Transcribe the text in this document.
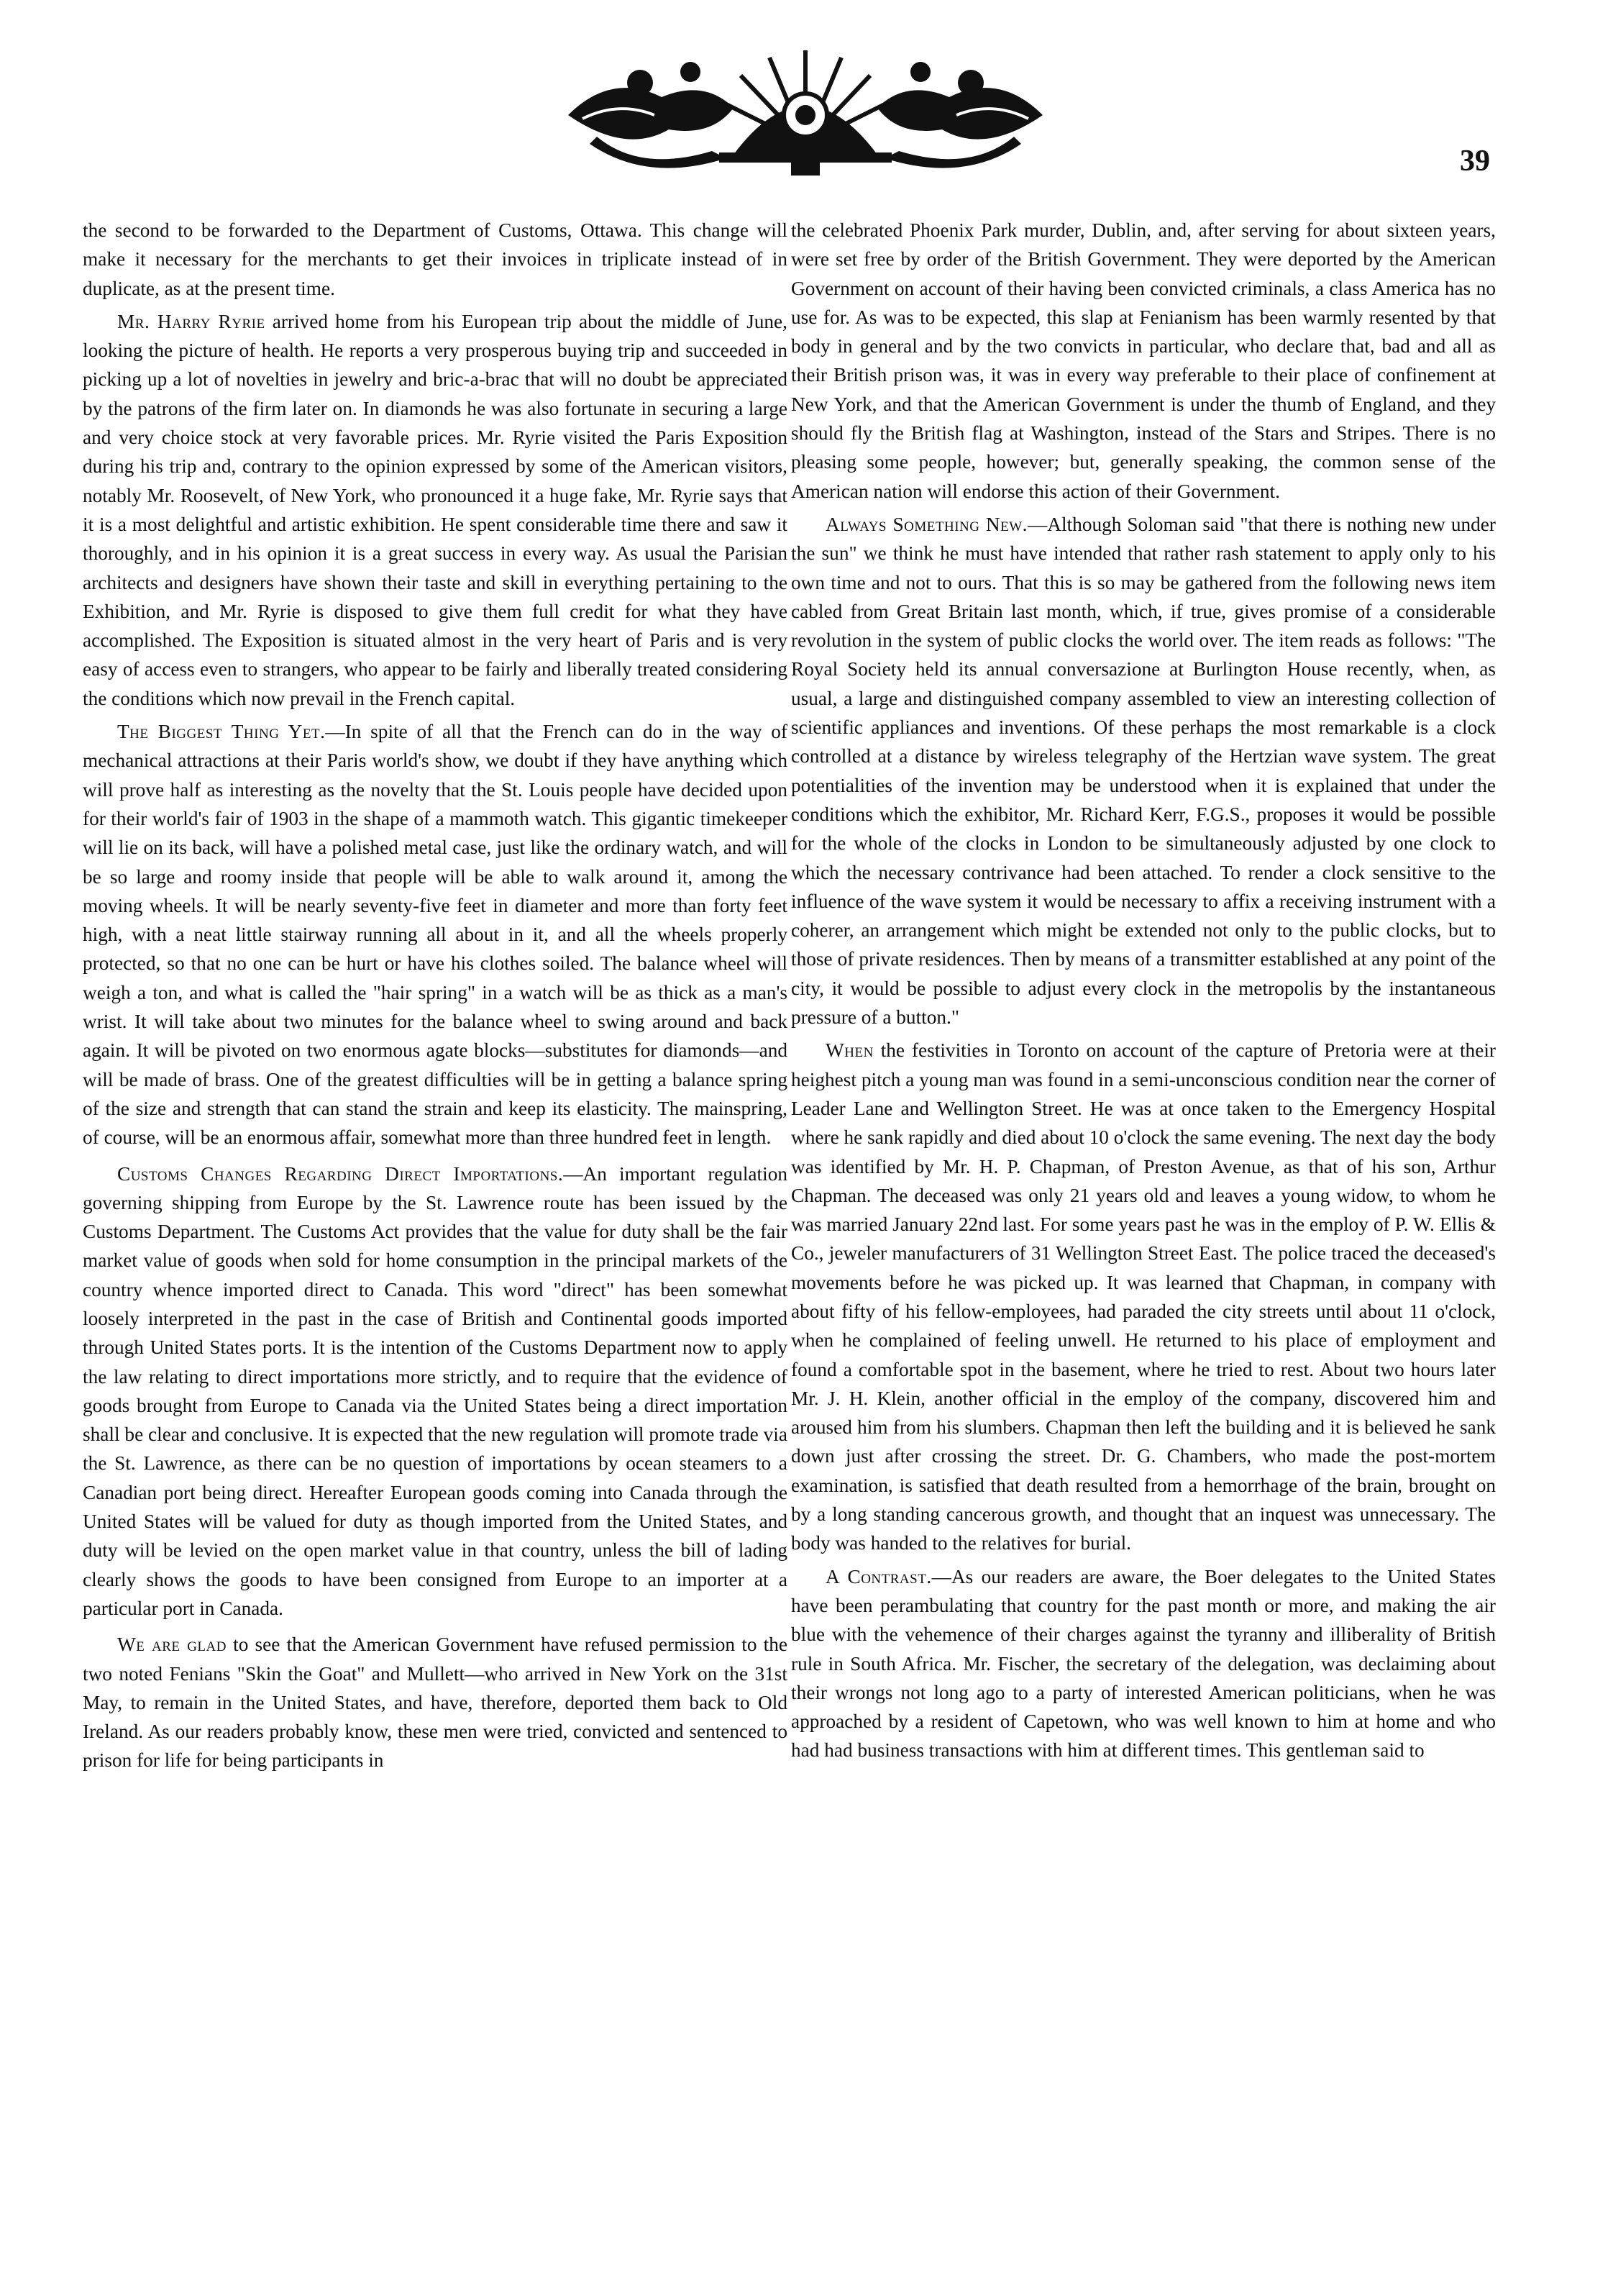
39

the second to be forwarded to the Department of Customs, Ottawa. This change will make it necessary for the merchants to get their invoices in triplicate instead of in duplicate, as at the present time.

Mr. Harry Ryrie arrived home from his European trip about the middle of June, looking the picture of health. He reports a very prosperous buying trip and succeeded in picking up a lot of novelties in jewelry and bric-a-brac that will no doubt be appreciated by the patrons of the firm later on. In diamonds he was also fortunate in securing a large and very choice stock at very favorable prices. Mr. Ryrie visited the Paris Exposition during his trip and, contrary to the opinion expressed by some of the American visitors, notably Mr. Roosevelt, of New York, who pronounced it a huge fake, Mr. Ryrie says that it is a most delightful and artistic exhibition. He spent considerable time there and saw it thoroughly, and in his opinion it is a great success in every way. As usual the Parisian architects and designers have shown their taste and skill in everything pertaining to the Exhibition, and Mr. Ryrie is disposed to give them full credit for what they have accomplished. The Exposition is situated almost in the very heart of Paris and is very easy of access even to strangers, who appear to be fairly and liberally treated considering the conditions which now prevail in the French capital.

The Biggest Thing Yet.—In spite of all that the French can do in the way of mechanical attractions at their Paris world's show, we doubt if they have anything which will prove half as interesting as the novelty that the St. Louis people have decided upon for their world's fair of 1903 in the shape of a mammoth watch. This gigantic timekeeper will lie on its back, will have a polished metal case, just like the ordinary watch, and will be so large and roomy inside that people will be able to walk around it, among the moving wheels. It will be nearly seventy-five feet in diameter and more than forty feet high, with a neat little stairway running all about in it, and all the wheels properly protected, so that no one can be hurt or have his clothes soiled. The balance wheel will weigh a ton, and what is called the "hair spring" in a watch will be as thick as a man's wrist. It will take about two minutes for the balance wheel to swing around and back again. It will be pivoted on two enormous agate blocks—substitutes for diamonds—and will be made of brass. One of the greatest difficulties will be in getting a balance spring of the size and strength that can stand the strain and keep its elasticity. The mainspring, of course, will be an enormous affair, somewhat more than three hundred feet in length.

Customs Changes Regarding Direct Importations.—An important regulation governing shipping from Europe by the St. Lawrence route has been issued by the Customs Department. The Customs Act provides that the value for duty shall be the fair market value of goods when sold for home consumption in the principal markets of the country whence imported direct to Canada. This word "direct" has been somewhat loosely interpreted in the past in the case of British and Continental goods imported through United States ports. It is the intention of the Customs Department now to apply the law relating to direct importations more strictly, and to require that the evidence of goods brought from Europe to Canada via the United States being a direct importation shall be clear and conclusive. It is expected that the new regulation will promote trade via the St. Lawrence, as there can be no question of importations by ocean steamers to a Canadian port being direct. Hereafter European goods coming into Canada through the United States will be valued for duty as though imported from the United States, and duty will be levied on the open market value in that country, unless the bill of lading clearly shows the goods to have been consigned from Europe to an importer at a particular port in Canada.

We are glad to see that the American Government have refused permission to the two noted Fenians "Skin the Goat" and Mullett—who arrived in New York on the 31st May, to remain in the United States, and have, therefore, deported them back to Old Ireland. As our readers probably know, these men were tried, convicted and sentenced to prison for life for being participants in

the celebrated Phoenix Park murder, Dublin, and, after serving for about sixteen years, were set free by order of the British Government. They were deported by the American Government on account of their having been convicted criminals, a class America has no use for. As was to be expected, this slap at Fenianism has been warmly resented by that body in general and by the two convicts in particular, who declare that, bad and all as their British prison was, it was in every way preferable to their place of confinement at New York, and that the American Government is under the thumb of England, and they should fly the British flag at Washington, instead of the Stars and Stripes. There is no pleasing some people, however; but, generally speaking, the common sense of the American nation will endorse this action of their Government.

Always Something New.—Although Soloman said "that there is nothing new under the sun" we think he must have intended that rather rash statement to apply only to his own time and not to ours. That this is so may be gathered from the following news item cabled from Great Britain last month, which, if true, gives promise of a considerable revolution in the system of public clocks the world over. The item reads as follows: "The Royal Society held its annual conversazione at Burlington House recently, when, as usual, a large and distinguished company assembled to view an interesting collection of scientific appliances and inventions. Of these perhaps the most remarkable is a clock controlled at a distance by wireless telegraphy of the Hertzian wave system. The great potentialities of the invention may be understood when it is explained that under the conditions which the exhibitor, Mr. Richard Kerr, F.G.S., proposes it would be possible for the whole of the clocks in London to be simultaneously adjusted by one clock to which the necessary contrivance had been attached. To render a clock sensitive to the influence of the wave system it would be necessary to affix a receiving instrument with a coherer, an arrangement which might be extended not only to the public clocks, but to those of private residences. Then by means of a transmitter established at any point of the city, it would be possible to adjust every clock in the metropolis by the instantaneous pressure of a button."

When the festivities in Toronto on account of the capture of Pretoria were at their heighest pitch a young man was found in a semi-unconscious condition near the corner of Leader Lane and Wellington Street. He was at once taken to the Emergency Hospital where he sank rapidly and died about 10 o'clock the same evening. The next day the body was identified by Mr. H. P. Chapman, of Preston Avenue, as that of his son, Arthur Chapman. The deceased was only 21 years old and leaves a young widow, to whom he was married January 22nd last. For some years past he was in the employ of P. W. Ellis & Co., jeweler manufacturers of 31 Wellington Street East. The police traced the deceased's movements before he was picked up. It was learned that Chapman, in company with about fifty of his fellow-employees, had paraded the city streets until about 11 o'clock, when he complained of feeling unwell. He returned to his place of employment and found a comfortable spot in the basement, where he tried to rest. About two hours later Mr. J. H. Klein, another official in the employ of the company, discovered him and aroused him from his slumbers. Chapman then left the building and it is believed he sank down just after crossing the street. Dr. G. Chambers, who made the post-mortem examination, is satisfied that death resulted from a hemorrhage of the brain, brought on by a long standing cancerous growth, and thought that an inquest was unnecessary. The body was handed to the relatives for burial.

A Contrast.—As our readers are aware, the Boer delegates to the United States have been perambulating that country for the past month or more, and making the air blue with the vehemence of their charges against the tyranny and illiberality of British rule in South Africa. Mr. Fischer, the secretary of the delegation, was declaiming about their wrongs not long ago to a party of interested American politicians, when he was approached by a resident of Capetown, who was well known to him at home and who had had business transactions with him at different times. This gentleman said to
